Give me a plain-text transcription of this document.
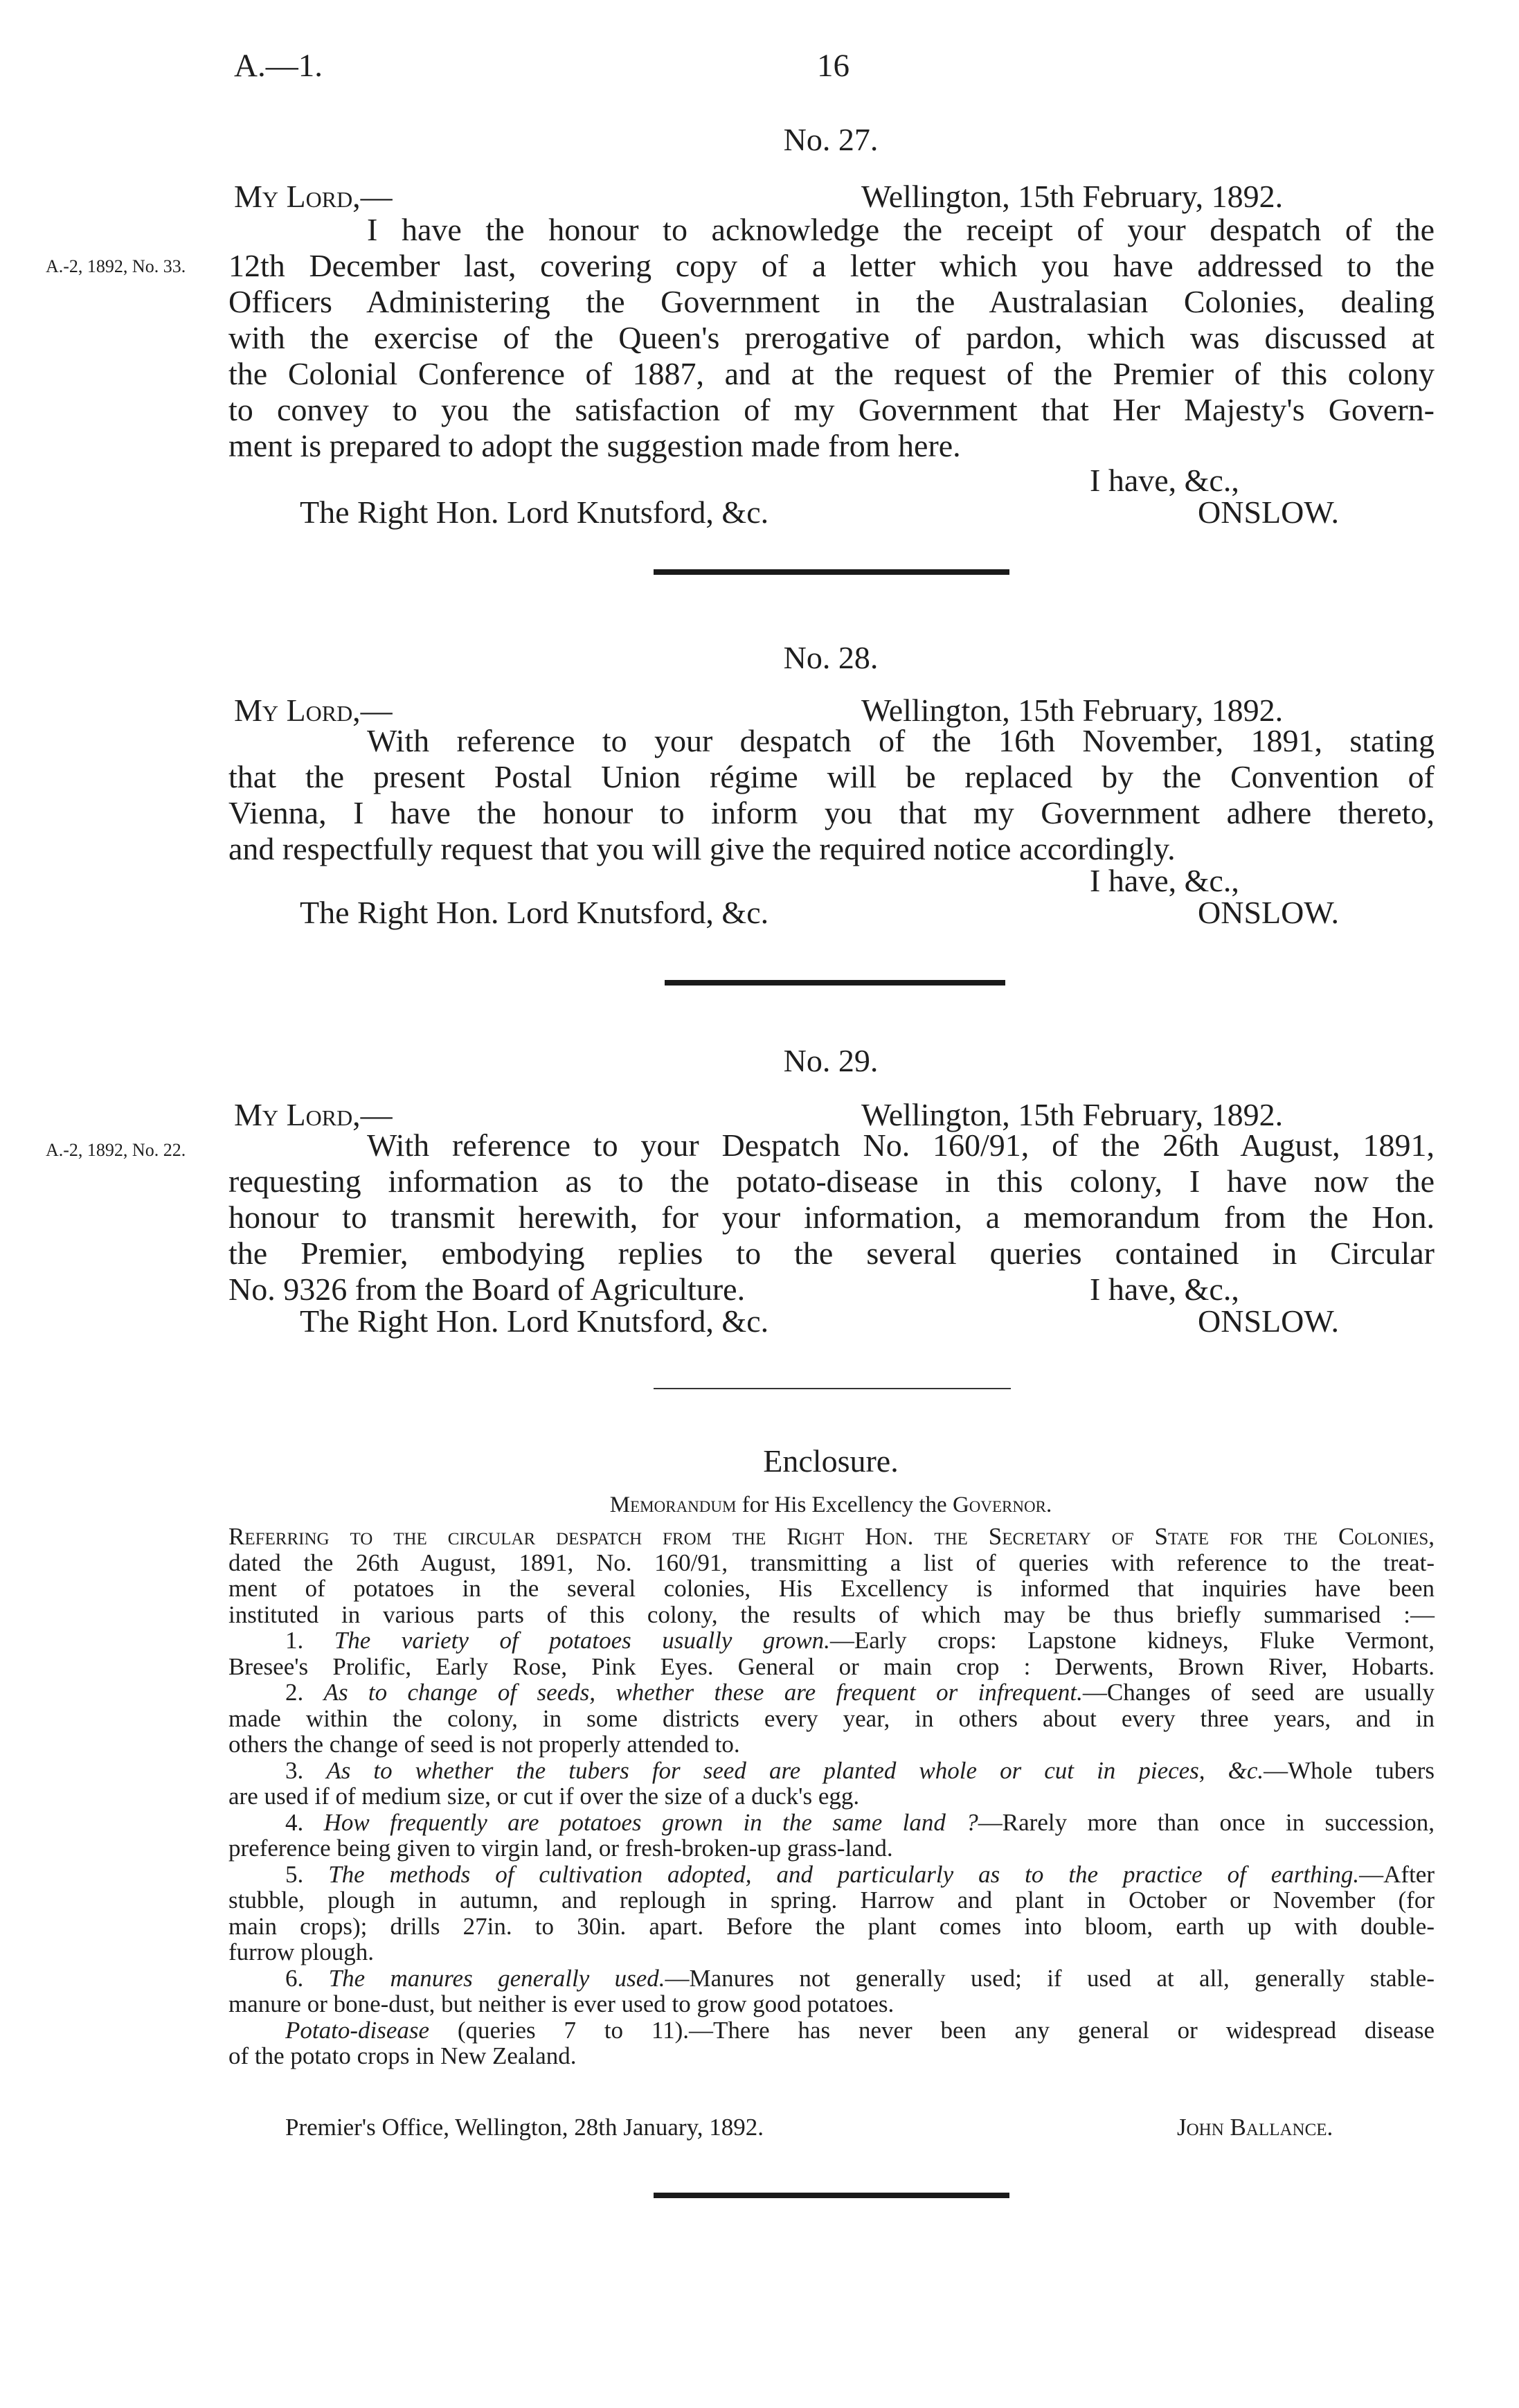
A.—1.	16
No. 27.
My Lord,—	Wellington, 15th February, 1892.
A.-2, 1892, No. 33.
I have the honour to acknowledge the receipt of your despatch of the
12th December last, covering copy of a letter which you have addressed to the
Officers Administering the Government in the Australasian Colonies, dealing
with the exercise of the Queen's prerogative of pardon, which was discussed at
the Colonial Conference of 1887, and at the request of the Premier of this colony
to convey to you the satisfaction of my Government that Her Majesty's Govern-
ment is prepared to adopt the suggestion made from here.
I have, &c.,
The Right Hon. Lord Knutsford, &c.	ONSLOW.
No. 28.
My Lord,—	Wellington, 15th February, 1892.
With reference to your despatch of the 16th November, 1891, stating
that the present Postal Union régime will be replaced by the Convention of
Vienna, I have the honour to inform you that my Government adhere thereto,
and respectfully request that you will give the required notice accordingly.
I have, &c.,
The Right Hon. Lord Knutsford, &c.	ONSLOW.
No. 29.
My Lord,—	Wellington, 15th February, 1892.
A.-2, 1892, No. 22.	With reference to your Despatch No. 160/91, of the 26th August, 1891,
requesting information as to the potato-disease in this colony, I have now the
honour to transmit herewith, for your information, a memorandum from the Hon.
the Premier, embodying replies to the several queries contained in Circular
No. 9326 from the Board of Agriculture.	I have, &c.,
The Right Hon. Lord Knutsford, &c.	ONSLOW.
Enclosure.
Memorandum for His Excellency the Governor.
Referring to the circular despatch from the Right Hon. the Secretary of State for the Colonies,
dated the 26th August, 1891, No. 160/91, transmitting a list of queries with reference to the treat-
ment of potatoes in the several colonies, His Excellency is informed that inquiries have been
instituted in various parts of this colony, the results of which may be thus briefly summarised :—
1. The variety of potatoes usually grown.—Early crops: Lapstone kidneys, Fluke Vermont,
Bresee's Prolific, Early Rose, Pink Eyes. General or main crop : Derwents, Brown River, Hobarts.
2. As to change of seeds, whether these are frequent or infrequent.—Changes of seed are usually
made within the colony, in some districts every year, in others about every three years, and in
others the change of seed is not properly attended to.
3. As to whether the tubers for seed are planted whole or cut in pieces, &c.—Whole tubers
are used if of medium size, or cut if over the size of a duck's egg.
4. How frequently are potatoes grown in the same land ?—Rarely more than once in succession,
preference being given to virgin land, or fresh-broken-up grass-land.
5. The methods of cultivation adopted, and particularly as to the practice of earthing.—After
stubble, plough in autumn, and replough in spring. Harrow and plant in October or November (for
main crops); drills 27in. to 30in. apart. Before the plant comes into bloom, earth up with double-
furrow plough.
6. The manures generally used.—Manures not generally used; if used at all, generally stable-
manure or bone-dust, but neither is ever used to grow good potatoes.
Potato-disease (queries 7 to 11).—There has never been any general or widespread disease
of the potato crops in New Zealand.
Premier's Office, Wellington, 28th January, 1892.	John Ballance.
